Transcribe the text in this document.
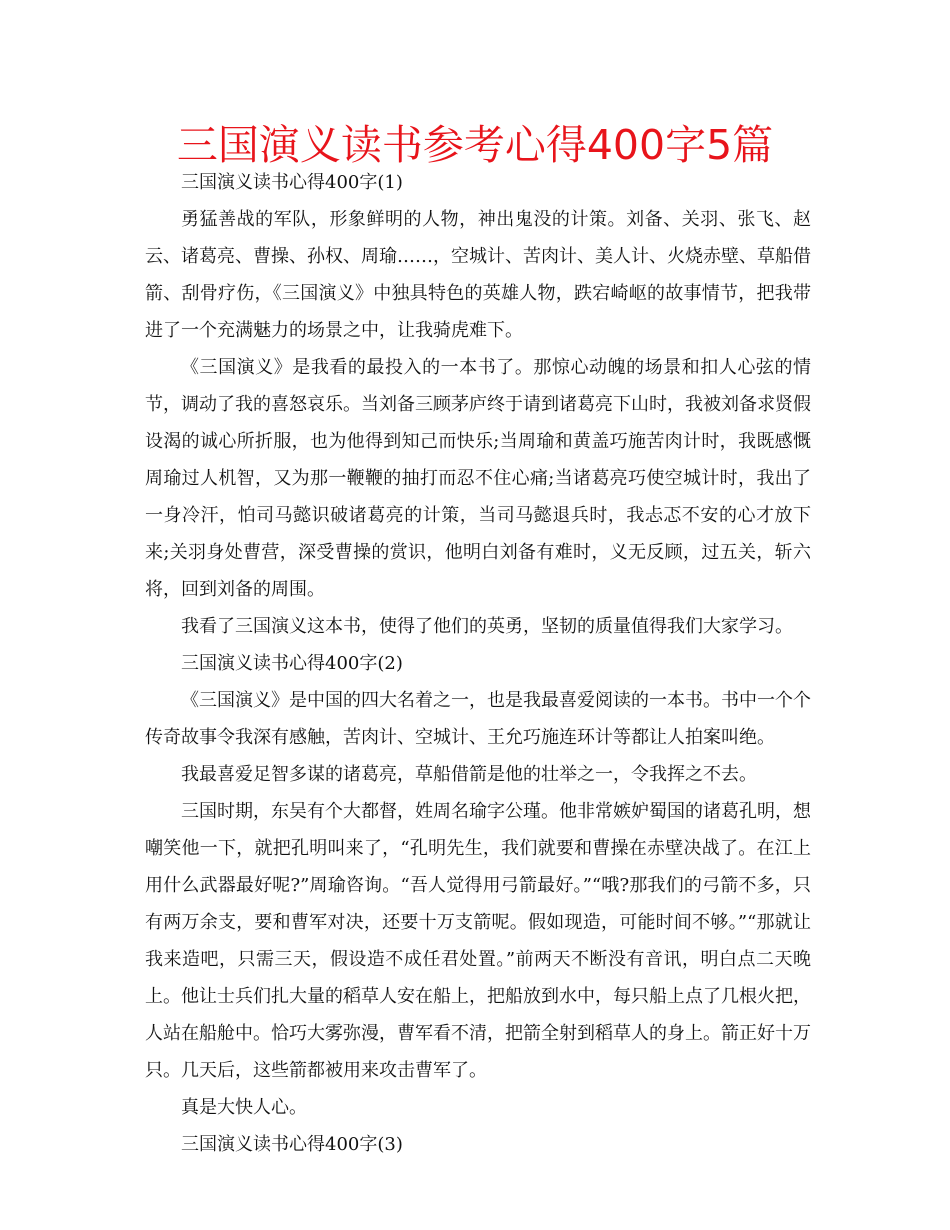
三国演义读书参考心得400字5篇

三国演义读书心得400字(1)

勇猛善战的军队，形象鲜明的人物，神出鬼没的计策。刘备、关羽、张飞、赵云、诸葛亮、曹操、孙权、周瑜……，空城计、苦肉计、美人计、火烧赤壁、草船借箭、刮骨疗伤，《三国演义》中独具特色的英雄人物，跌宕崎岖的故事情节，把我带进了一个充满魅力的场景之中，让我骑虎难下。

《三国演义》是我看的最投入的一本书了。那惊心动魄的场景和扣人心弦的情节，调动了我的喜怒哀乐。当刘备三顾茅庐终于请到诸葛亮下山时，我被刘备求贤假设渴的诚心所折服，也为他得到知己而快乐;当周瑜和黄盖巧施苦肉计时，我既感慨周瑜过人机智，又为那一鞭鞭的抽打而忍不住心痛;当诸葛亮巧使空城计时，我出了一身冷汗，怕司马懿识破诸葛亮的计策，当司马懿退兵时，我忐忑不安的心才放下来;关羽身处曹营，深受曹操的赏识，他明白刘备有难时，义无反顾，过五关，斩六将，回到刘备的周围。

我看了三国演义这本书，使得了他们的英勇，坚韧的质量值得我们大家学习。

三国演义读书心得400字(2)

《三国演义》是中国的四大名着之一，也是我最喜爱阅读的一本书。书中一个个传奇故事令我深有感触，苦肉计、空城计、王允巧施连环计等都让人拍案叫绝。

我最喜爱足智多谋的诸葛亮，草船借箭是他的壮举之一，令我挥之不去。

三国时期，东吴有个大都督，姓周名瑜字公瑾。他非常嫉妒蜀国的诸葛孔明，想嘲笑他一下，就把孔明叫来了，“孔明先生，我们就要和曹操在赤壁决战了。在江上用什么武器最好呢?”周瑜咨询。“吾人觉得用弓箭最好。”“哦?那我们的弓箭不多，只有两万余支，要和曹军对决，还要十万支箭呢。假如现造，可能时间不够。”“那就让我来造吧，只需三天，假设造不成任君处置。”前两天不断没有音讯，明白点二天晚上。他让士兵们扎大量的稻草人安在船上，把船放到水中，每只船上点了几根火把，人站在船舱中。恰巧大雾弥漫，曹军看不清，把箭全射到稻草人的身上。箭正好十万只。几天后，这些箭都被用来攻击曹军了。

真是大快人心。

三国演义读书心得400字(3)
